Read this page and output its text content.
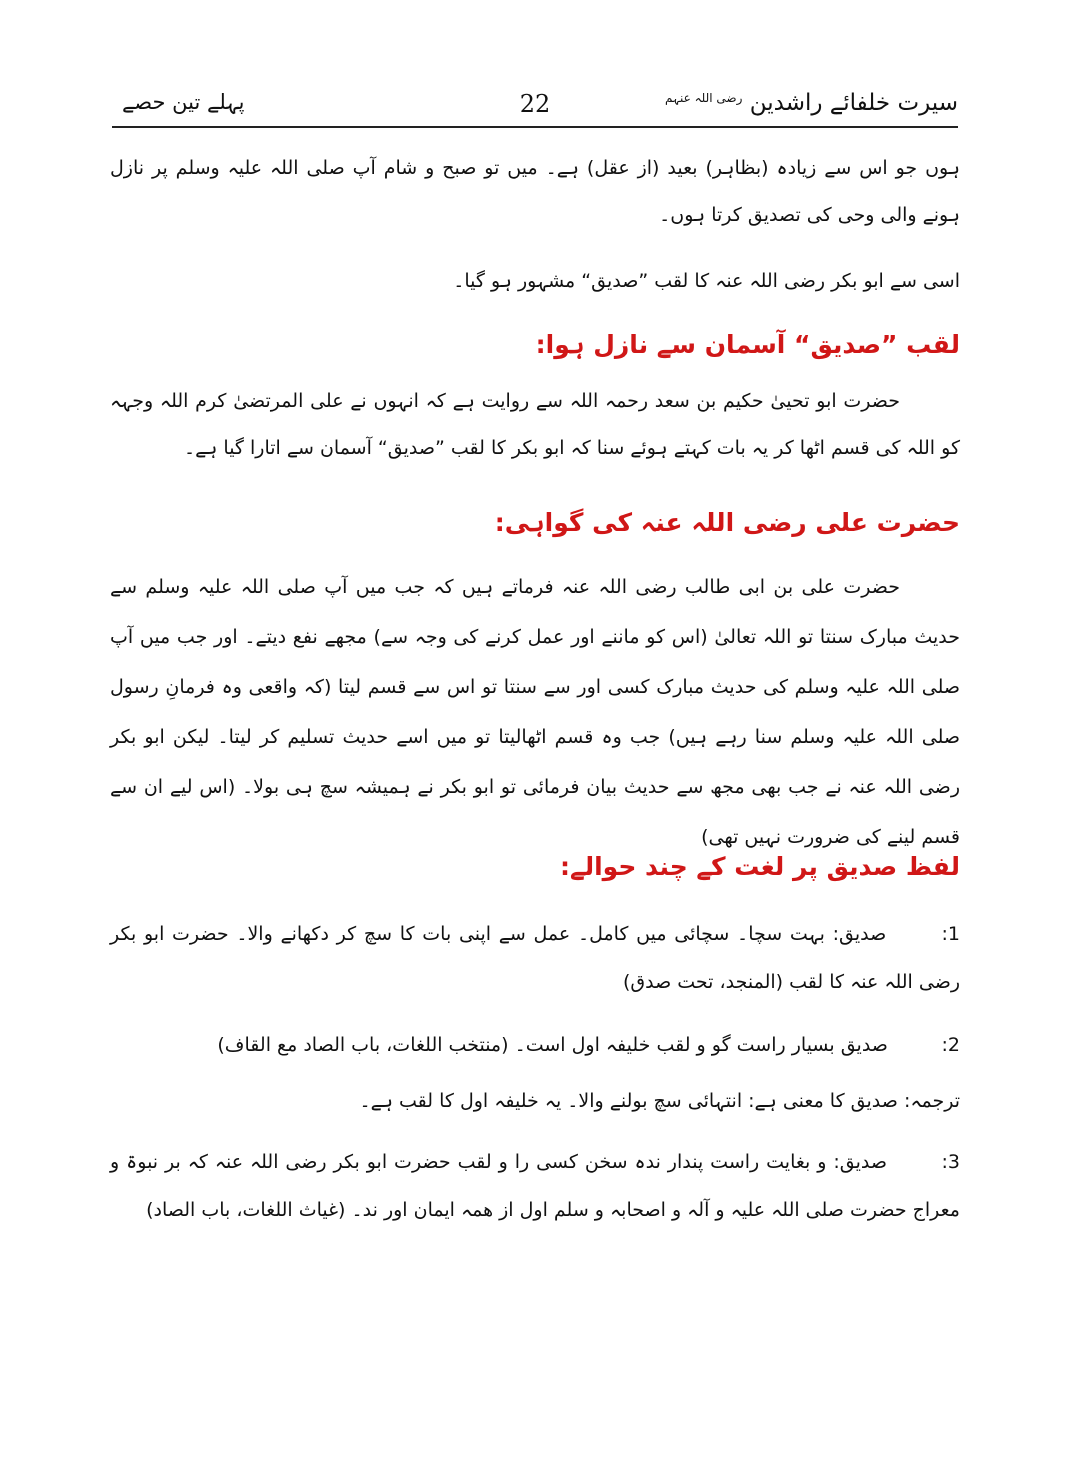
سیرت خلفائے راشدین $^{رضی اللہ عنہم}$
22
پہلے تین حصے

ہوں جو اس سے زیادہ (بظاہر) بعید (از عقل) ہے۔ میں تو صبح و شام آپ صلی اللہ علیہ وسلم پر نازل ہونے والی وحی کی تصدیق کرتا ہوں۔

اسی سے ابو بکر رضی اللہ عنہ کا لقب ”صدیق“ مشہور ہو گیا۔
لقب ”صدیق“ آسمان سے نازل ہوا:

حضرت ابو تحییٰ حکیم بن سعد رحمہ اللہ سے روایت ہے کہ انہوں نے علی المرتضیٰ کرم اللہ وجہہ کو اللہ کی قسم اٹھا کر یہ بات کہتے ہوئے سنا کہ ابو بکر کا لقب ”صدیق“ آسمان سے اتارا گیا ہے۔

حضرت علی رضی اللہ عنہ کی گواہی:

حضرت علی بن ابی طالب رضی اللہ عنہ فرماتے ہیں کہ جب میں آپ صلی اللہ علیہ وسلم سے حدیث مبارک سنتا تو اللہ تعالیٰ (اس کو ماننے اور عمل کرنے کی وجہ سے) مجھے نفع دیتے۔ اور جب میں آپ صلی اللہ علیہ وسلم کی حدیث مبارک کسی اور سے سنتا تو اس سے قسم لیتا (کہ واقعی وہ فرمانِ رسول صلی اللہ علیہ وسلم سنا رہے ہیں) جب وہ قسم اٹھالیتا تو میں اسے حدیث تسلیم کر لیتا۔ لیکن ابو بکر رضی اللہ عنہ نے جب بھی مجھ سے حدیث بیان فرمائی تو ابو بکر نے ہمیشہ سچ ہی بولا۔ (اس لیے ان سے قسم لینے کی ضرورت نہیں تھی)

لفظ صدیق پر لغت کے چند حوالے:
1: صدیق: بہت سچا۔ سچائی میں کامل۔ عمل سے اپنی بات کا سچ کر دکھانے والا۔ حضرت ابو بکر رضی اللہ عنہ کا لقب (المنجد، تحت صدق)
2: صدیق بسیار راست گو و لقب خلیفہ اول است۔ (منتخب اللغات، باب الصاد مع القاف)
ترجمہ: صدیق کا معنی ہے: انتہائی سچ بولنے والا۔ یہ خلیفہ اول کا لقب ہے۔
3: صدیق: و بغایت راست پندار ندہ سخن کسی را و لقب حضرت ابو بکر رضی اللہ عنہ کہ بر نبوۃ و معراج حضرت صلی اللہ علیہ و آلہ و اصحابہ و سلم اول از ھمہ ایمان اور ند۔ (غیاث اللغات، باب الصاد)
